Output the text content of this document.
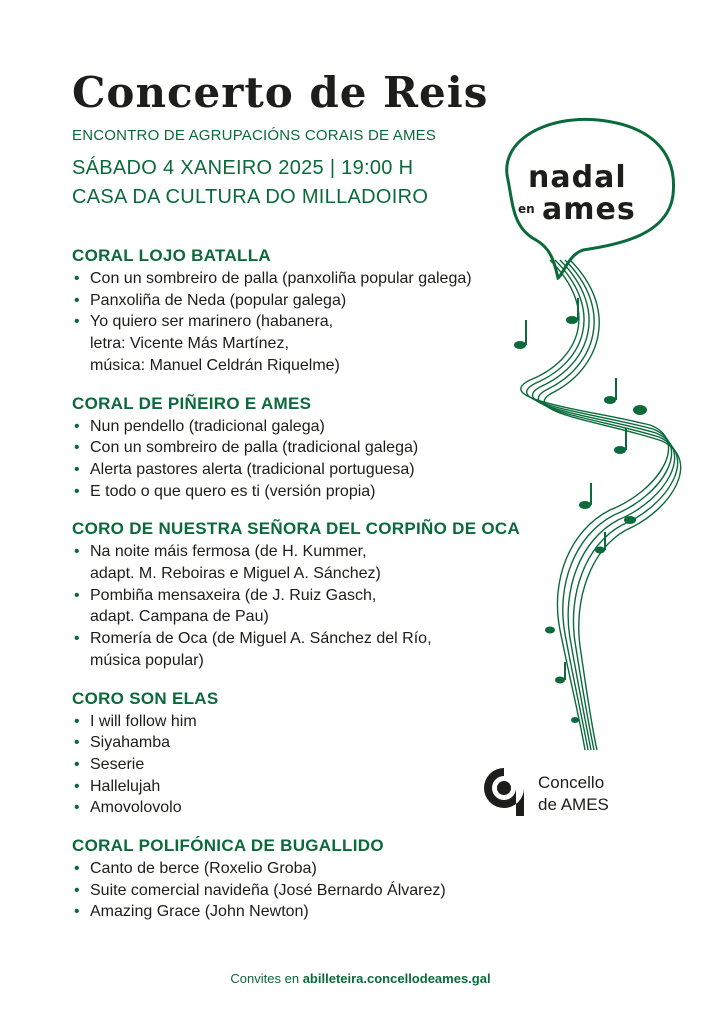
Concerto de Reis
ENCONTRO DE AGRUPACIÓNS CORAIS DE AMES
SÁBADO 4 XANEIRO 2025 | 19:00 H
CASA DA CULTURA DO MILLADOIRO
nadal
en ames
CORAL LOJO BATALLA
• Con un sombreiro de palla (panxoliña popular galega)
• Panxoliña de Neda (popular galega)
• Yo quiero ser marinero (habanera,
letra: Vicente Más Martínez,
música: Manuel Celdrán Riquelme)
CORAL DE PIÑEIRO E AMES
• Nun pendello (tradicional galega)
• Con un sombreiro de palla (tradicional galega)
• Alerta pastores alerta (tradicional portuguesa)
• E todo o que quero es ti (versión propia)
CORO DE NUESTRA SEÑORA DEL CORPIÑO DE OCA
• Na noite máis fermosa (de H. Kummer,
adapt. M. Reboiras e Miguel A. Sánchez)
• Pombiña mensaxeira (de J. Ruiz Gasch,
adapt. Campana de Pau)
• Romería de Oca (de Miguel A. Sánchez del Río,
música popular)
CORO SON ELAS
• I will follow him
• Siyahamba
• Seserie
• Hallelujah
• Amovolovolo
CORAL POLIFÓNICA DE BUGALLIDO
• Canto de berce (Roxelio Groba)
• Suite comercial navideña (José Bernardo Álvarez)
• Amazing Grace (John Newton)
Concello
de AMES
Convites en abilleteira.concellodeames.gal
